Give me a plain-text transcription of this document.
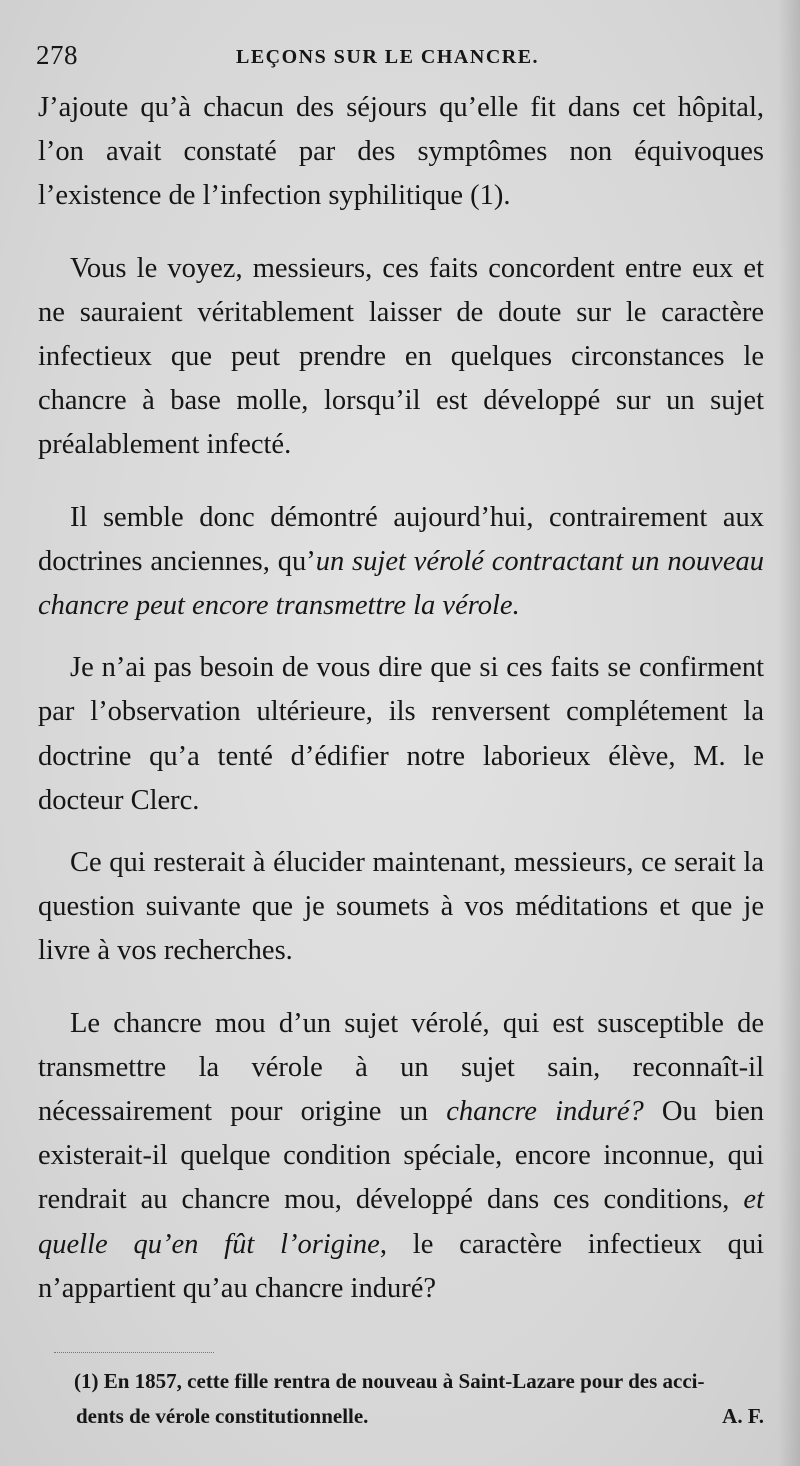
278	LEÇONS SUR LE CHANCRE.

J’ajoute qu’à chacun des séjours qu’elle fit dans cet hôpital, l’on avait constaté par des symptômes non équivoques l’existence de l’infection syphilitique (1).

Vous le voyez, messieurs, ces faits concordent entre eux et ne sauraient véritablement laisser de doute sur le caractère infectieux que peut prendre en quelques circonstances le chancre à base molle, lorsqu’il est développé sur un sujet préalablement infecté.

Il semble donc démontré aujourd’hui, contrairement aux doctrines anciennes, qu’un sujet vérolé contractant un nouveau chancre peut encore transmettre la vérole.

Je n’ai pas besoin de vous dire que si ces faits se confirment par l’observation ultérieure, ils renversent complétement la doctrine qu’a tenté d’édifier notre laborieux élève, M. le docteur Clerc.

Ce qui resterait à élucider maintenant, messieurs, ce serait la question suivante que je soumets à vos méditations et que je livre à vos recherches.

Le chancre mou d’un sujet vérolé, qui est susceptible de transmettre la vérole à un sujet sain, reconnaît-il nécessairement pour origine un chancre induré? Ou bien existerait-il quelque condition spéciale, encore inconnue, qui rendrait au chancre mou, développé dans ces conditions, et quelle qu’en fût l’origine, le caractère infectieux qui n’appartient qu’au chancre induré?

(1) En 1857, cette fille rentra de nouveau à Saint-Lazare pour des acci-
dents de vérole constitutionnelle.	A. F.
